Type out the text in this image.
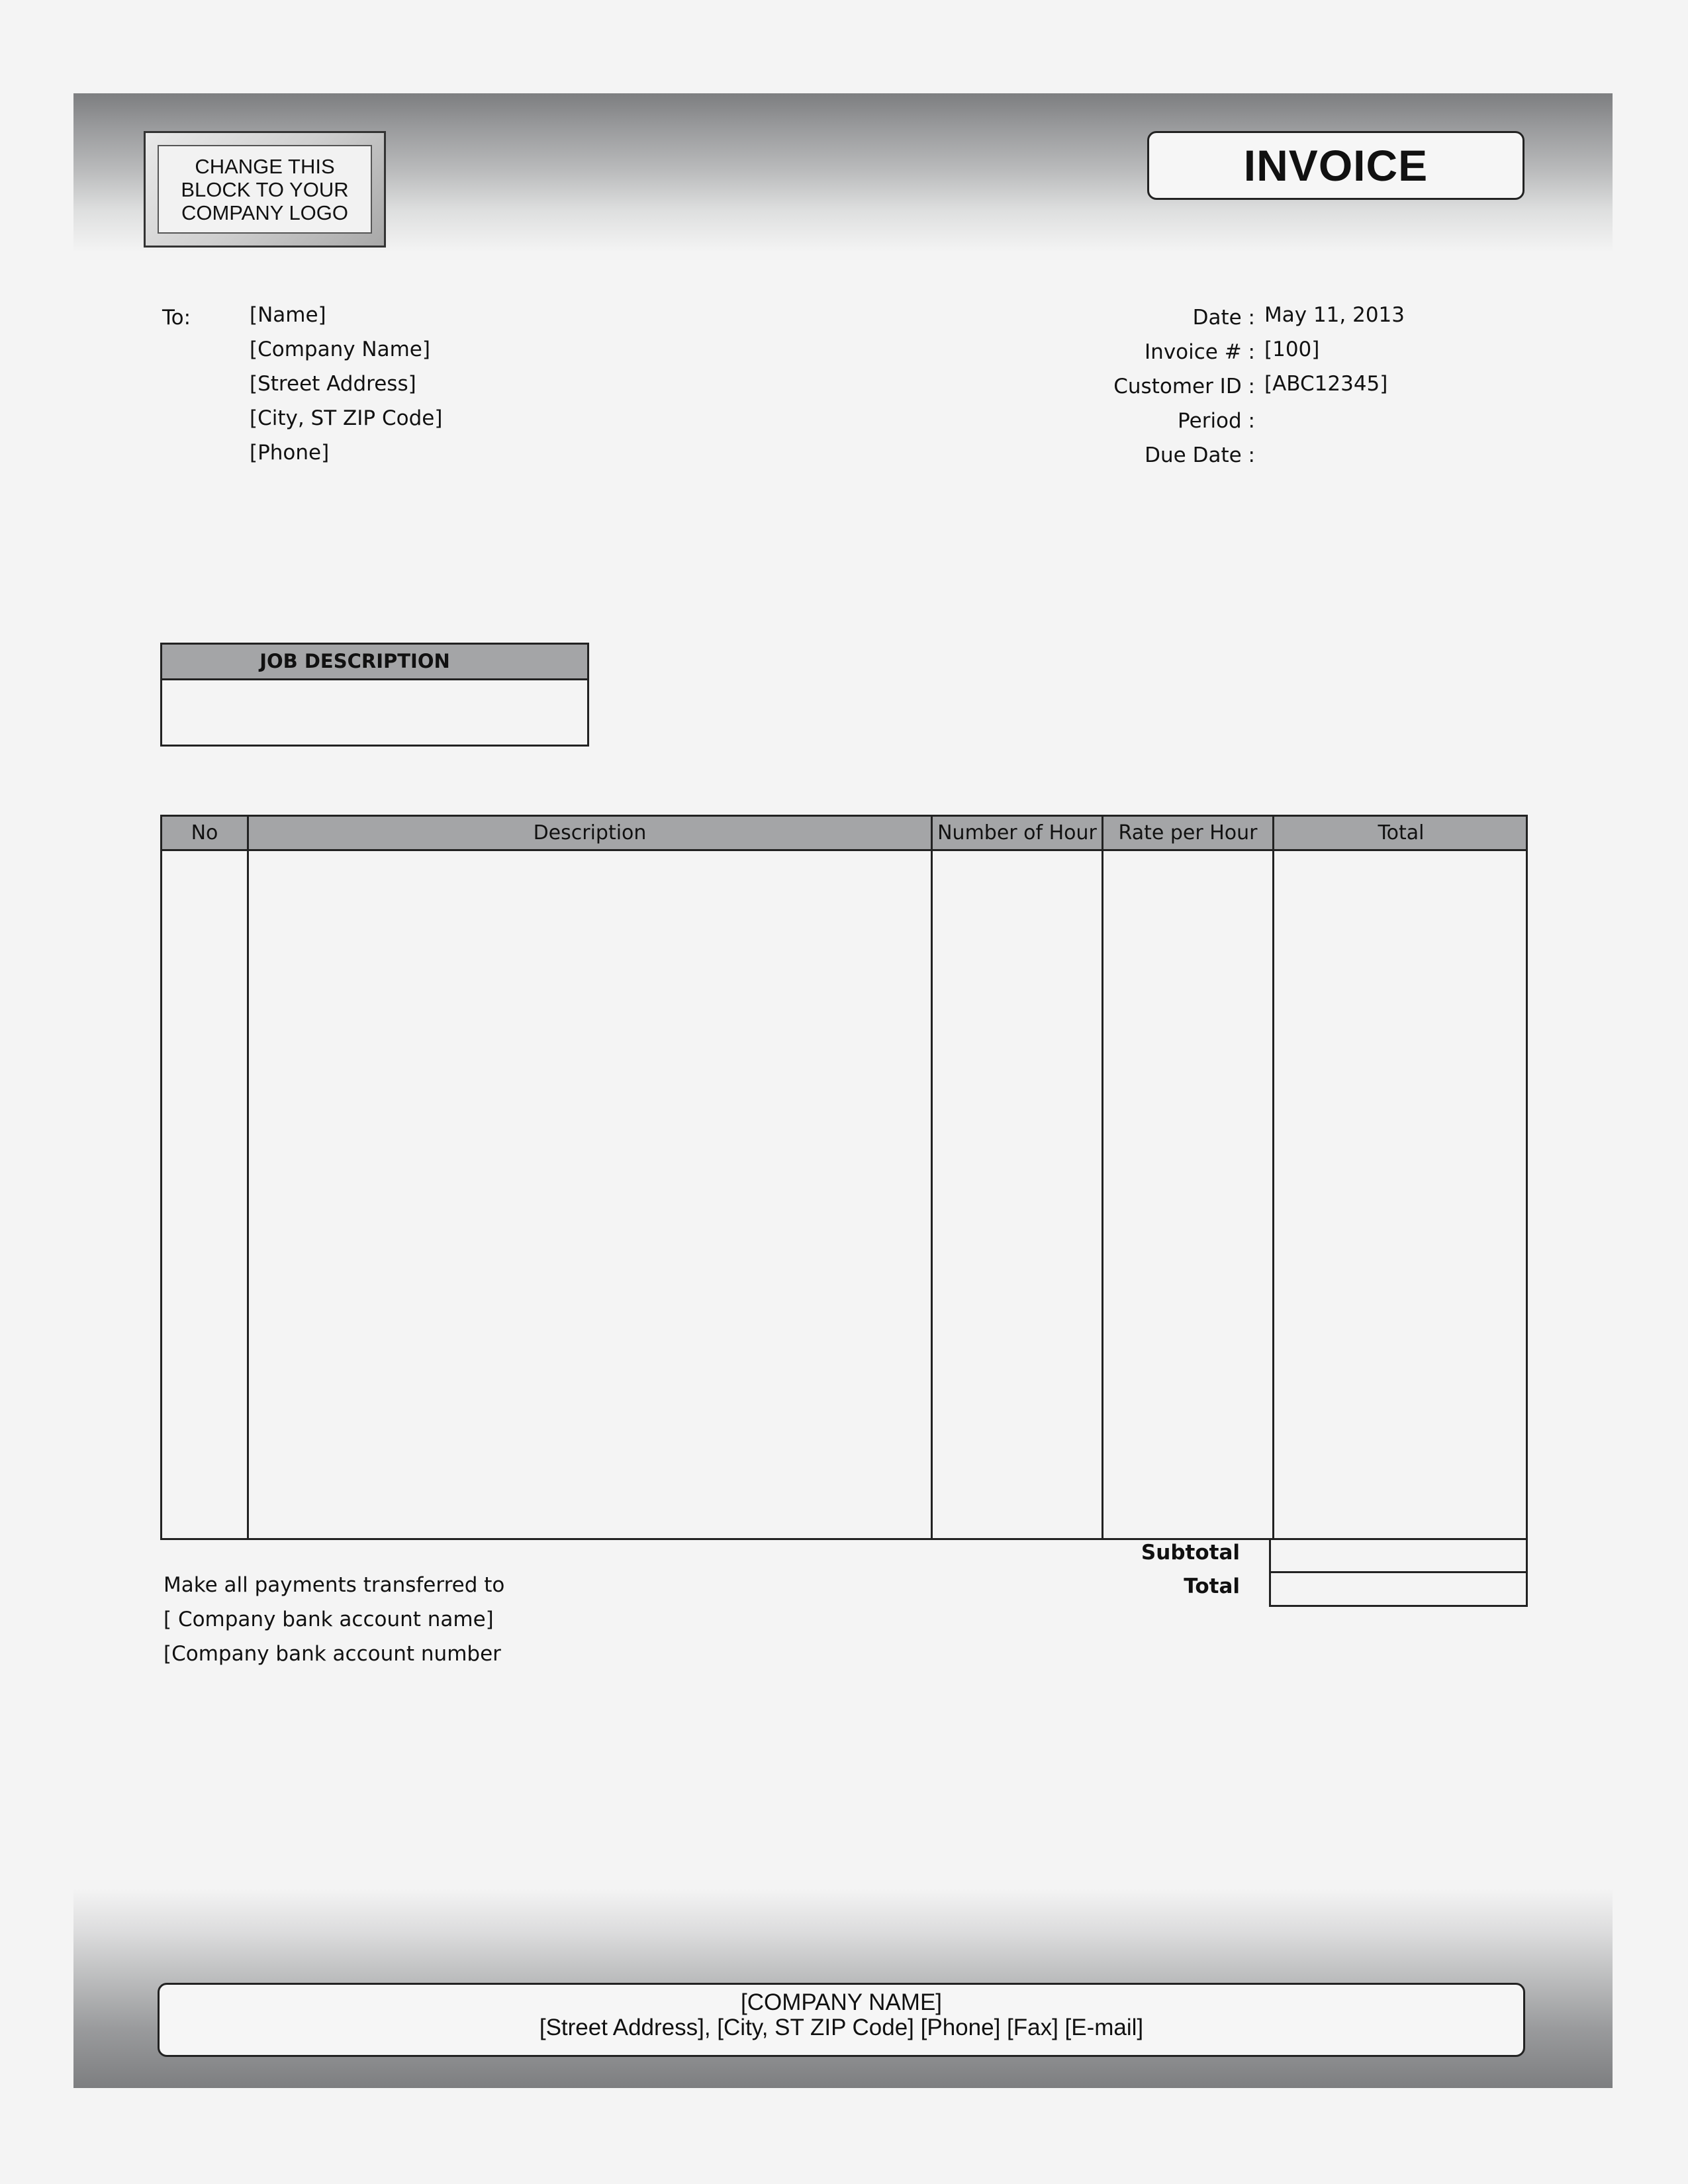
CHANGE THIS
BLOCK TO YOUR
COMPANY LOGO
INVOICE
To:	[Name]
[Company Name]
[Street Address]
[City, ST ZIP Code]
[Phone]
Date : May 11, 2013
Invoice # : [100]
Customer ID : [ABC12345]
Period :
Due Date :
JOB DESCRIPTION
No	Description	Number of Hour	Rate per Hour	Total
Subtotal
Total
Make all payments transferred to
[ Company bank account name]
[Company bank account number
[COMPANY NAME]
[Street Address], [City, ST ZIP Code] [Phone] [Fax] [E-mail]
